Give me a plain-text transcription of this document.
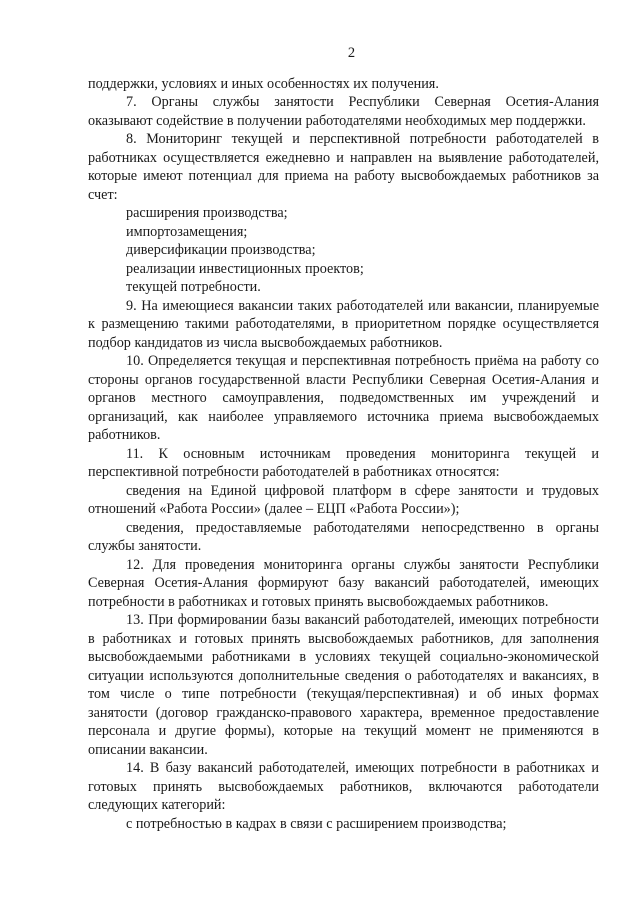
2

поддержки, условиях и иных особенностях их получения.

7. Органы службы занятости Республики Северная Осетия-Алания оказывают содействие в получении работодателями необходимых мер поддержки.

8. Мониторинг текущей и перспективной потребности работодателей в работниках осуществляется ежедневно и направлен на выявление работодателей, которые имеют потенциал для приема на работу высвобождаемых работников за счет:

расширения производства;

импортозамещения;

диверсификации производства;

реализации инвестиционных проектов;

текущей потребности.

9. На имеющиеся вакансии таких работодателей или вакансии, планируемые к размещению такими работодателями, в приоритетном порядке осуществляется подбор кандидатов из числа высвобождаемых работников.

10. Определяется текущая и перспективная потребность приёма на работу со стороны органов государственной власти Республики Северная Осетия-Алания и органов местного самоуправления, подведомственных им учреждений и организаций, как наиболее управляемого источника приема высвобождаемых работников.

11. К основным источникам проведения мониторинга текущей и перспективной потребности работодателей в работниках относятся:

сведения на Единой цифровой платформ в сфере занятости и трудовых отношений «Работа России» (далее – ЕЦП «Работа России»);

сведения, предоставляемые работодателями непосредственно в органы службы занятости.

12. Для проведения мониторинга органы службы занятости Республики Северная Осетия-Алания формируют базу вакансий работодателей, имеющих потребности в работниках и готовых принять высвобождаемых работников.

13. При формировании базы вакансий работодателей, имеющих потребности в работниках и готовых принять высвобождаемых работников, для заполнения высвобождаемыми работниками в условиях текущей социально-экономической ситуации используются дополнительные сведения о работодателях и вакансиях, в том числе о типе потребности (текущая/перспективная) и об иных формах занятости (договор гражданско-правового характера, временное предоставление персонала и другие формы), которые на текущий момент не применяются в описании вакансии.

14. В базу вакансий работодателей, имеющих потребности в работниках и готовых принять высвобождаемых работников, включаются работодатели следующих категорий:

с потребностью в кадрах в связи с расширением производства;
